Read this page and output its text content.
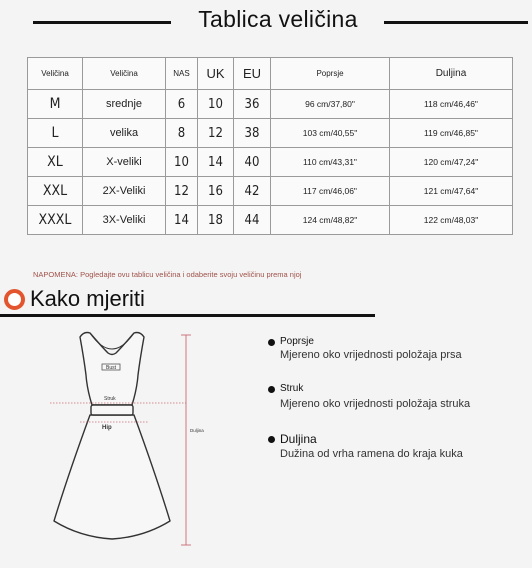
Tablica veličina
Veličina	Veličina	NAS	UK	EU	Poprsje	Duljina
M	srednje	6	10	36	96 cm/37,80"	118 cm/46,46"
L	velika	8	12	38	103 cm/40,55"	119 cm/46,85"
XL	X-veliki	10	14	40	110 cm/43,31"	120 cm/47,24"
XXL	2X-Veliki	12	16	42	117 cm/46,06"	121 cm/47,64"
XXXL	3X-Veliki	14	18	44	124 cm/48,82"	122 cm/48,03"
NAPOMENA: Pogledajte ovu tablicu veličina i odaberite svoju veličinu prema njoj
Kako mjeriti
Bust
Struk
Hip	Duljina
Poprsje
Mjereno oko vrijednosti položaja prsa
Struk
Mjereno oko vrijednosti položaja struka
Duljina
Dužina od vrha ramena do kraja kuka
